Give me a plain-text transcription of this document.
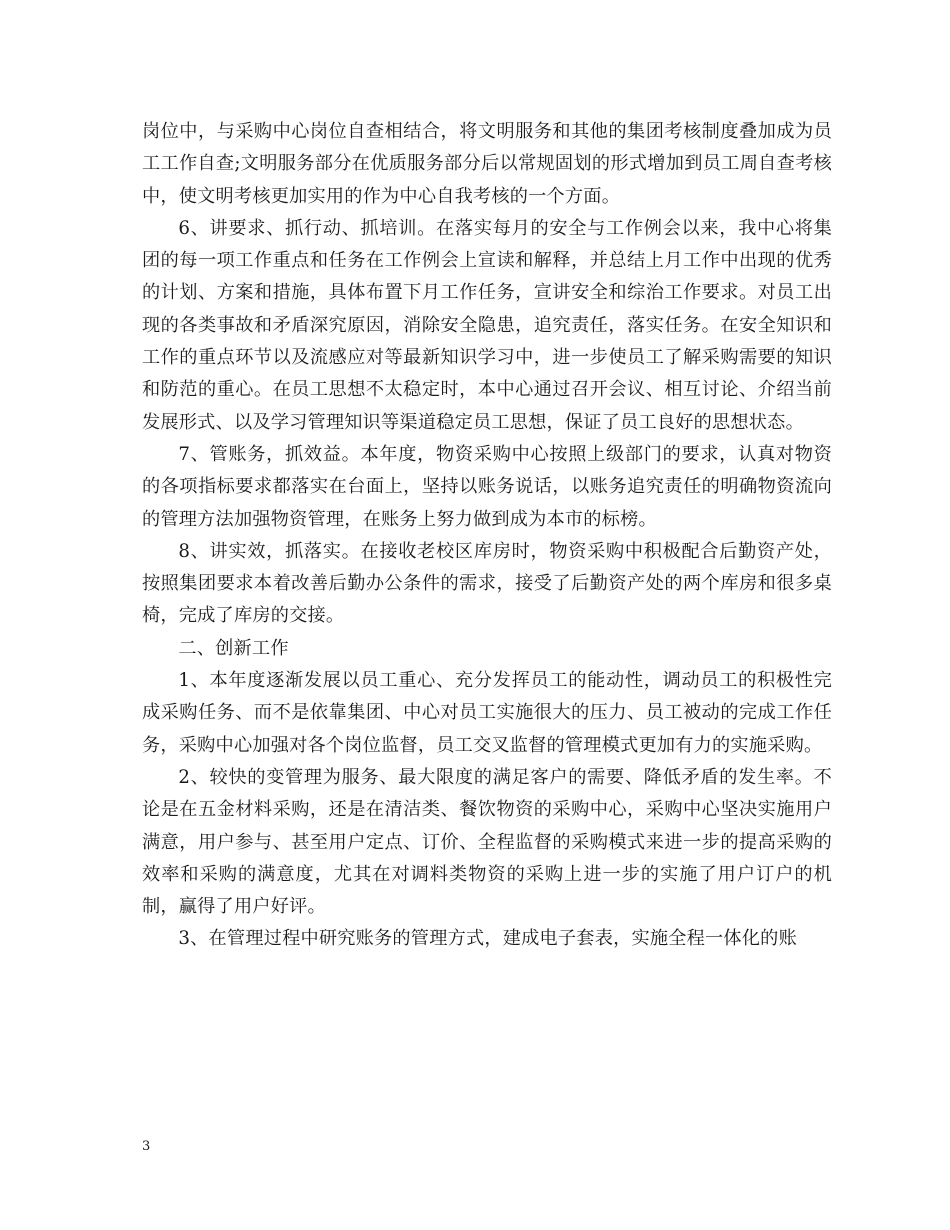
岗位中，与采购中心岗位自查相结合，将文明服务和其他的集团考核制度叠加成为员工工作自查;文明服务部分在优质服务部分后以常规固划的形式增加到员工周自查考核中，使文明考核更加实用的作为中心自我考核的一个方面。

6、讲要求、抓行动、抓培训。在落实每月的安全与工作例会以来，我中心将集团的每一项工作重点和任务在工作例会上宣读和解释，并总结上月工作中出现的优秀的计划、方案和措施，具体布置下月工作任务，宣讲安全和综治工作要求。对员工出现的各类事故和矛盾深究原因，消除安全隐患，追究责任，落实任务。在安全知识和工作的重点环节以及流感应对等最新知识学习中，进一步使员工了解采购需要的知识和防范的重心。在员工思想不太稳定时，本中心通过召开会议、相互讨论、介绍当前发展形式、以及学习管理知识等渠道稳定员工思想，保证了员工良好的思想状态。

7、管账务，抓效益。本年度，物资采购中心按照上级部门的要求，认真对物资的各项指标要求都落实在台面上，坚持以账务说话，以账务追究责任的明确物资流向的管理方法加强物资管理，在账务上努力做到成为本市的标榜。

8、讲实效，抓落实。在接收老校区库房时，物资采购中积极配合后勤资产处，按照集团要求本着改善后勤办公条件的需求，接受了后勤资产处的两个库房和很多桌椅，完成了库房的交接。

二、创新工作

1、本年度逐渐发展以员工重心、充分发挥员工的能动性，调动员工的积极性完成采购任务、而不是依靠集团、中心对员工实施很大的压力、员工被动的完成工作任务，采购中心加强对各个岗位监督，员工交叉监督的管理模式更加有力的实施采购。

2、较快的变管理为服务、最大限度的满足客户的需要、降低矛盾的发生率。不论是在五金材料采购，还是在清洁类、餐饮物资的采购中心，采购中心坚决实施用户满意，用户参与、甚至用户定点、订价、全程监督的采购模式来进一步的提高采购的效率和采购的满意度，尤其在对调料类物资的采购上进一步的实施了用户订户的机制，赢得了用户好评。

3、在管理过程中研究账务的管理方式，建成电子套表，实施全程一体化的账

3
